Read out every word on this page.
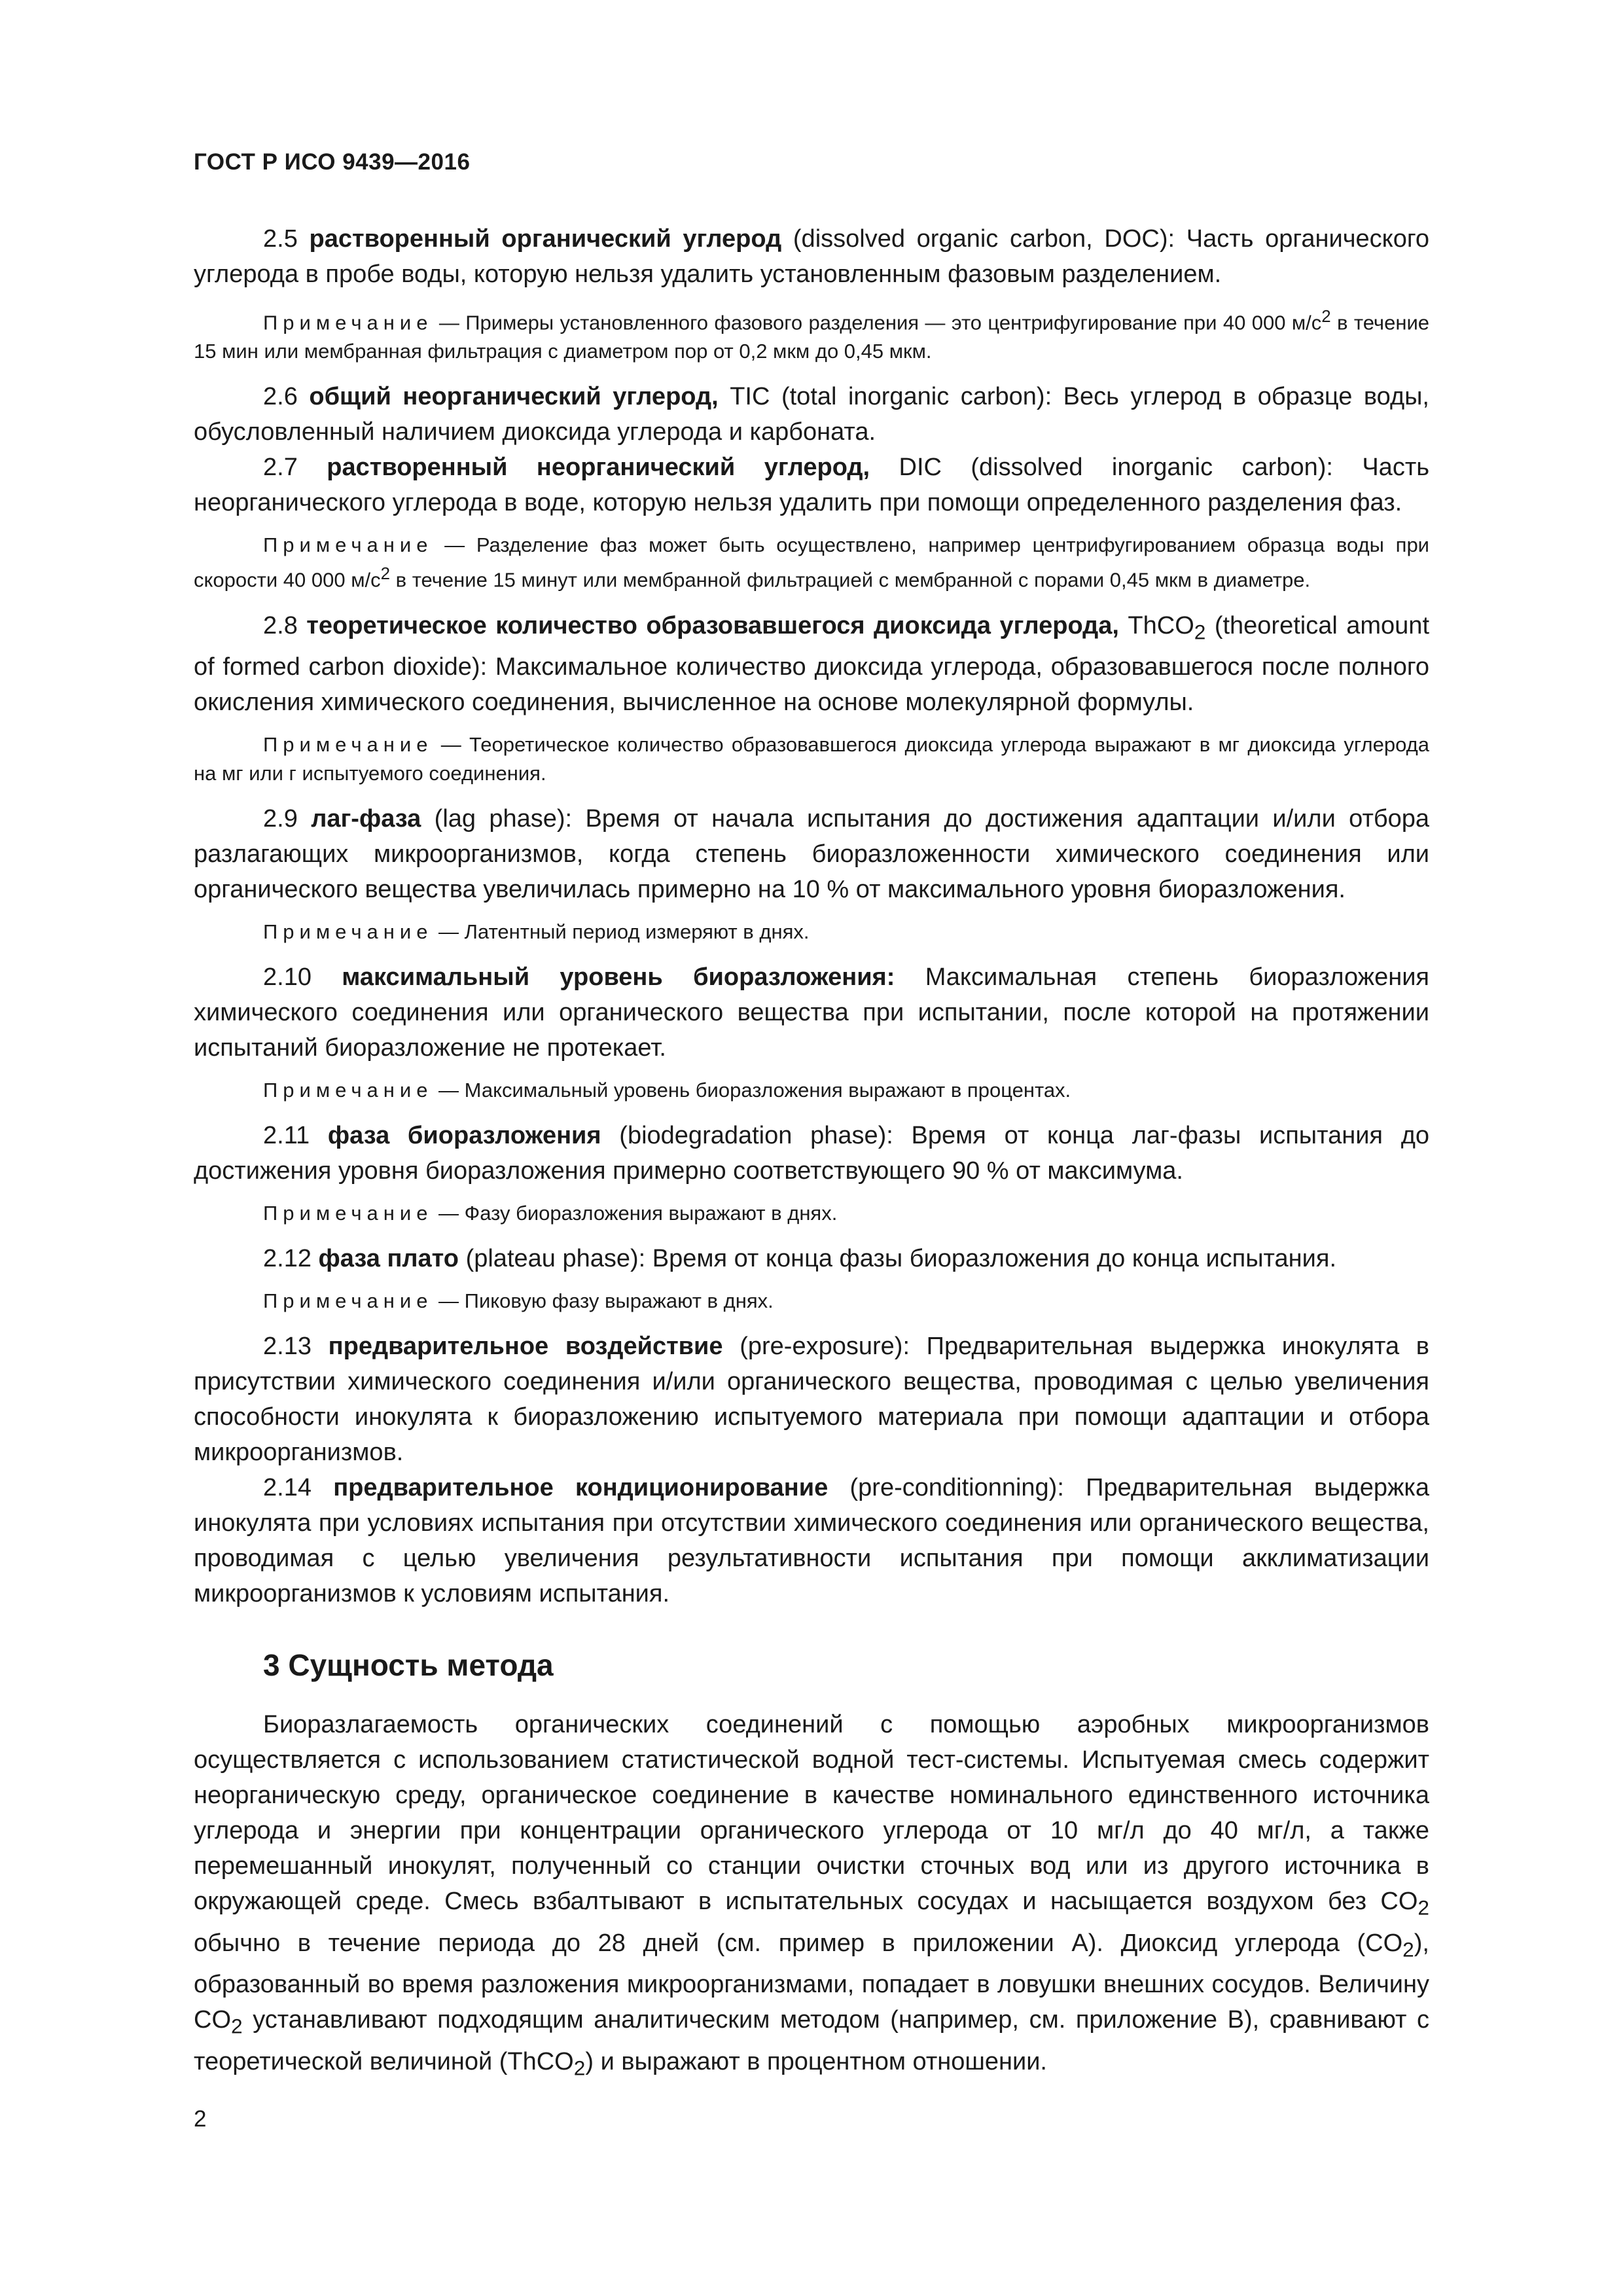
ГОСТ Р ИСО 9439—2016

2.5 растворенный органический углерод (dissolved organic carbon, DOC): Часть органического углерода в пробе воды, которую нельзя удалить установленным фазовым разделением.

Примечание — Примеры установленного фазового разделения — это центрифугирование при 40 000 $м/с^2$ в течение 15 мин или мембранная фильтрация с диаметром пор от 0,2 мкм до 0,45 мкм.

2.6 общий неорганический углерод, TIC (total inorganic carbon): Весь углерод в образце воды, обусловленный наличием диоксида углерода и карбоната.

2.7 растворенный неорганический углерод, DIC (dissolved inorganic carbon): Часть неорганического углерода в воде, которую нельзя удалить при помощи определенного разделения фаз.

Примечание — Разделение фаз может быть осуществлено, например центрифугированием образца воды при скорости 40 000 $м/с^2$ в течение 15 минут или мембранной фильтрацией с мембранной с порами 0,45 мкм в диаметре.

2.8 теоретическое количество образовавшегося диоксида углерода, ThCO$_2$ (theoretical amount of formed carbon dioxide): Максимальное количество диоксида углерода, образовавшегося после полного окисления химического соединения, вычисленное на основе молекулярной формулы.

Примечание — Теоретическое количество образовавшегося диоксида углерода выражают в мг диоксида углерода на мг или г испытуемого соединения.

2.9 лаг-фаза (lag phase): Время от начала испытания до достижения адаптации и/или отбора разлагающих микроорганизмов, когда степень биоразложенности химического соединения или органического вещества увеличилась примерно на 10 % от максимального уровня биоразложения.

Примечание — Латентный период измеряют в днях.

2.10 максимальный уровень биоразложения: Максимальная степень биоразложения химического соединения или органического вещества при испытании, после которой на протяжении испытаний биоразложение не протекает.

Примечание — Максимальный уровень биоразложения выражают в процентах.

2.11 фаза биоразложения (biodegradation phase): Время от конца лаг-фазы испытания до достижения уровня биоразложения примерно соответствующего 90 % от максимума.

Примечание — Фазу биоразложения выражают в днях.

2.12 фаза плато (plateau phase): Время от конца фазы биоразложения до конца испытания.

Примечание — Пиковую фазу выражают в днях.

2.13 предварительное воздействие (pre-exposure): Предварительная выдержка инокулята в присутствии химического соединения и/или органического вещества, проводимая с целью увеличения способности инокулята к биоразложению испытуемого материала при помощи адаптации и отбора микроорганизмов.

2.14 предварительное кондиционирование (pre-conditionning): Предварительная выдержка инокулята при условиях испытания при отсутствии химического соединения или органического вещества, проводимая с целью увеличения результативности испытания при помощи акклиматизации микроорганизмов к условиям испытания.

3 Сущность метода

Биоразлагаемость органических соединений с помощью аэробных микроорганизмов осуществляется с использованием статистической водной тест-системы. Испытуемая смесь содержит неорганическую среду, органическое соединение в качестве номинального единственного источника углерода и энергии при концентрации органического углерода от 10 мг/л до 40 мг/л, а также перемешанный инокулят, полученный со станции очистки сточных вод или из другого источника в окружающей среде. Смесь взбалтывают в испытательных сосудах и насыщается воздухом без $CO_2$ обычно в течение периода до 28 дней (см. пример в приложении А). Диоксид углерода $(CO_2)$, образованный во время разложения микроорганизмами, попадает в ловушки внешних сосудов. Величину $CO_2$ устанавливают подходящим аналитическим методом (например, см. приложение В), сравнивают с теоретической величиной (ThCO$_2$) и выражают в процентном отношении.

2
